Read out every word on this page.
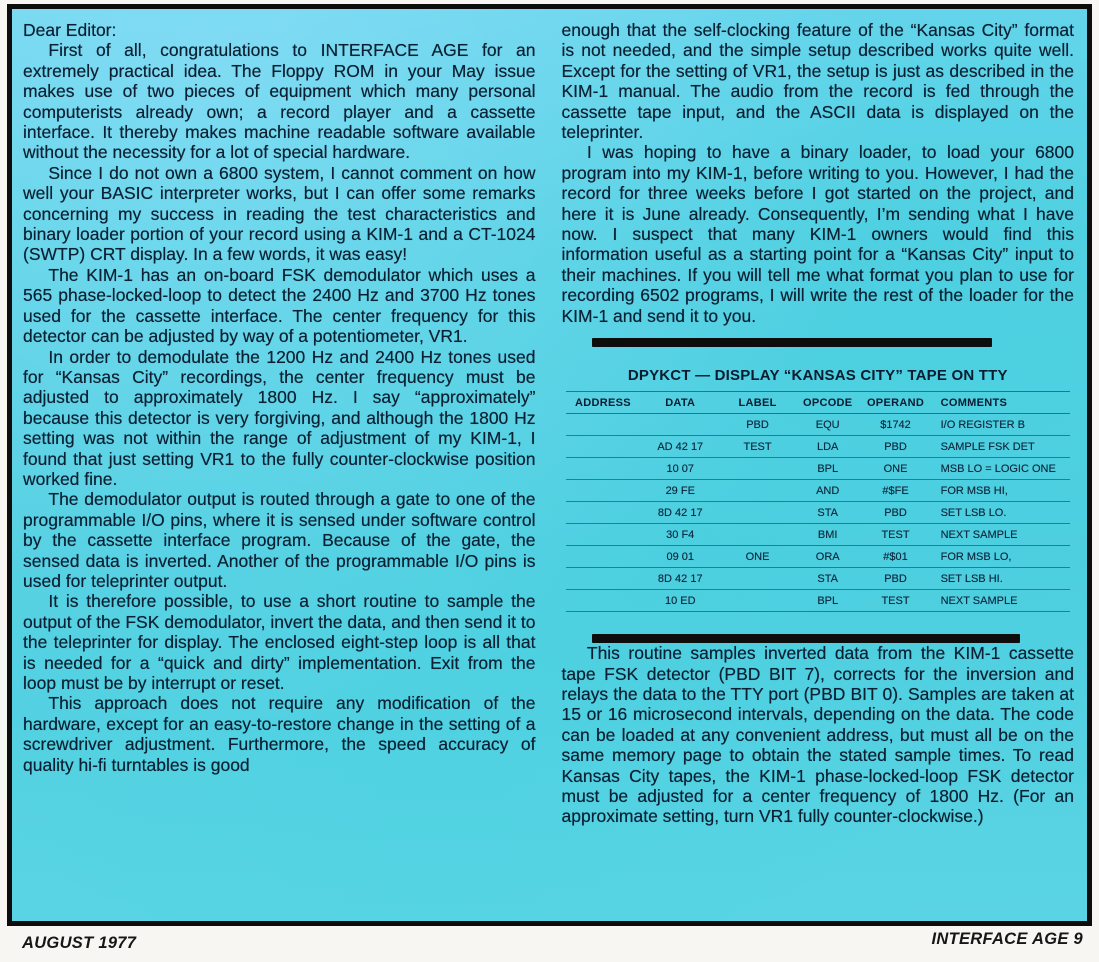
Dear Editor:

First of all, congratulations to INTERFACE AGE for an extremely practical idea. The Floppy ROM in your May issue makes use of two pieces of equipment which many personal computerists already own; a record player and a cassette interface. It thereby makes machine readable software available without the necessity for a lot of special hardware.

Since I do not own a 6800 system, I cannot comment on how well your BASIC interpreter works, but I can offer some remarks concerning my success in reading the test characteristics and binary loader portion of your record using a KIM-1 and a CT-1024 (SWTP) CRT display. In a few words, it was easy!

The KIM-1 has an on-board FSK demodulator which uses a 565 phase-locked-loop to detect the 2400 Hz and 3700 Hz tones used for the cassette interface. The center frequency for this detector can be adjusted by way of a potentiometer, VR1.

In order to demodulate the 1200 Hz and 2400 Hz tones used for “Kansas City” recordings, the center frequency must be adjusted to approximately 1800 Hz. I say “approximately” because this detector is very forgiving, and although the 1800 Hz setting was not within the range of adjustment of my KIM-1, I found that just setting VR1 to the fully counter-clockwise position worked fine.

The demodulator output is routed through a gate to one of the programmable I/O pins, where it is sensed under software control by the cassette interface program. Because of the gate, the sensed data is inverted. Another of the programmable I/O pins is used for teleprinter output.

It is therefore possible, to use a short routine to sample the output of the FSK demodulator, invert the data, and then send it to the teleprinter for display. The enclosed eight-step loop is all that is needed for a “quick and dirty” implementation. Exit from the loop must be by interrupt or reset.

This approach does not require any modification of the hardware, except for an easy-to-restore change in the setting of a screwdriver adjustment. Furthermore, the speed accuracy of quality hi-fi turntables is good

enough that the self-clocking feature of the “Kansas City” format is not needed, and the simple setup described works quite well. Except for the setting of VR1, the setup is just as described in the KIM-1 manual. The audio from the record is fed through the cassette tape input, and the ASCII data is displayed on the teleprinter.

I was hoping to have a binary loader, to load your 6800 program into my KIM-1, before writing to you. However, I had the record for three weeks before I got started on the project, and here it is June already. Consequently, I’m sending what I have now. I suspect that many KIM-1 owners would find this information useful as a starting point for a “Kansas City” input to their machines. If you will tell me what format you plan to use for recording 6502 programs, I will write the rest of the loader for the KIM-1 and send it to you.

DPYKCT — DISPLAY “KANSAS CITY” TAPE ON TTY
ADDRESS	DATA	LABEL	OPCODE	OPERAND	COMMENTS
		PBD	EQU	$1742	I/O REGISTER B
	AD 42 17	TEST	LDA	PBD	SAMPLE FSK DET
	10 07		BPL	ONE	MSB LO = LOGIC ONE
	29 FE		AND	#$FE	FOR MSB HI,
	8D 42 17		STA	PBD	SET LSB LO.
	30 F4		BMI	TEST	NEXT SAMPLE
	09 01	ONE	ORA	#$01	FOR MSB LO,
	8D 42 17		STA	PBD	SET LSB HI.
	10 ED		BPL	TEST	NEXT SAMPLE

This routine samples inverted data from the KIM-1 cassette tape FSK detector (PBD BIT 7), corrects for the inversion and relays the data to the TTY port (PBD BIT 0). Samples are taken at 15 or 16 microsecond intervals, depending on the data. The code can be loaded at any convenient address, but must all be on the same memory page to obtain the stated sample times. To read Kansas City tapes, the KIM-1 phase-locked-loop FSK detector must be adjusted for a center frequency of 1800 Hz. (For an approximate setting, turn VR1 fully counter-clockwise.)

AUGUST 1977	INTERFACE AGE 9
